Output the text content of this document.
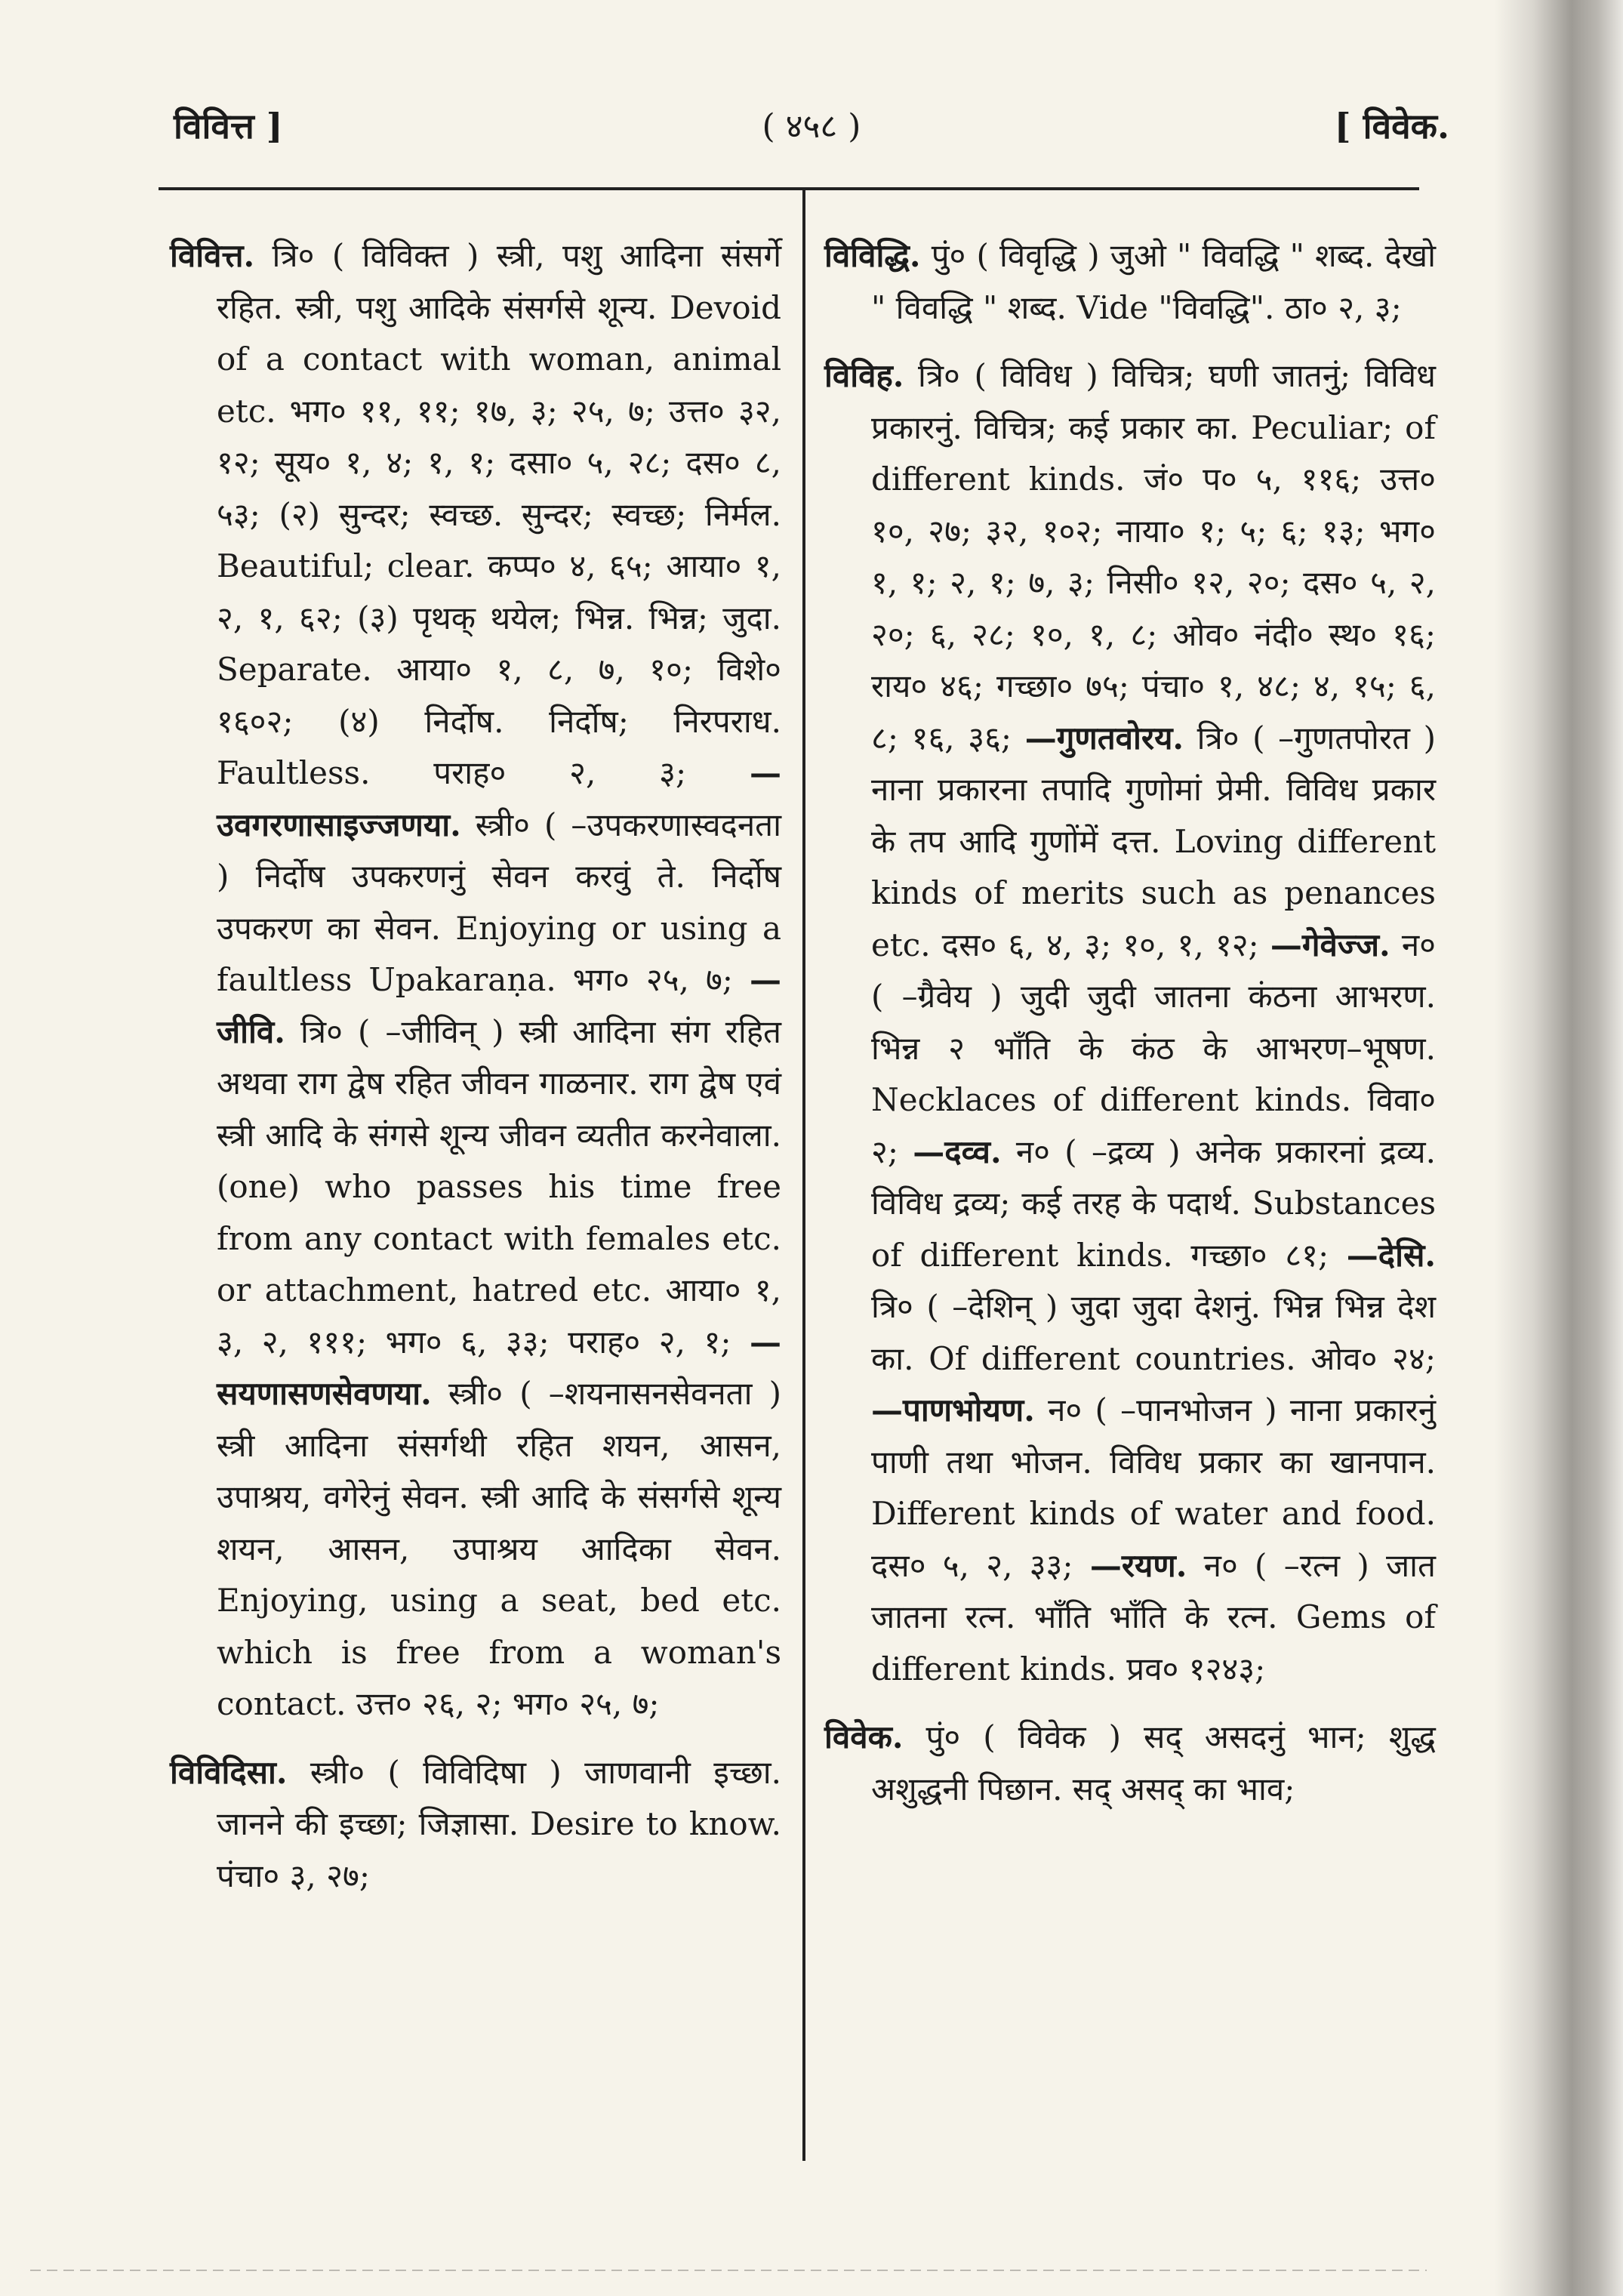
विवित्त ]	( ४५८ )	[ विवेक.

विवित्त. त्रि० ( विविक्त ) स्त्री, पशु आदिना संसर्गे रहित. स्त्री, पशु आदिके संसर्गसे शून्य. Devoid of a contact with woman, animal etc. भग० ११, ११; १७, ३; २५, ७; उत्त० ३२, १२; सूय० १, ४; १, १; दसा० ५, २८; दस० ८, ५३; (२) सुन्दर; स्वच्छ. सुन्दर; स्वच्छ; निर्मल. Beautiful; clear. कप्प० ४, ६५; आया० १, २, १, ६२; (३) पृथक् थयेल; भिन्न. भिन्न; जुदा. Separate. आया० १, ८, ७, १०; विशे० १६०२; (४) निर्दोष. निर्दोष; निरपराध. Faultless. पराह० २, ३; —उवगरणासाइज्जणया. स्त्री० ( –उपकरणास्वदनता ) निर्दोष उपकरणनुं सेवन करवुं ते. निर्दोष उपकरण का सेवन. Enjoying or using a faultless Upakaraṇa. भग० २५, ७; —जीवि. त्रि० ( –जीविन् ) स्त्री आदिना संग रहित अथवा राग द्वेष रहित जीवन गाळनार. राग द्वेष एवं स्त्री आदि के संगसे शून्य जीवन व्यतीत करनेवाला. (one) who passes his time free from any contact with females etc. or attachment, hatred etc. आया० १, ३, २, १११; भग० ६, ३३; पराह० २, १; —सयणासणसेवणया. स्त्री० ( –शयनासनसेवनता ) स्त्री आदिना संसर्गथी रहित शयन, आसन, उपाश्रय, वगेरेनुं सेवन. स्त्री आदि के संसर्गसे शून्य शयन, आसन, उपाश्रय आदिका सेवन. Enjoying, using a seat, bed etc. which is free from a woman's contact. उत्त० २६, २; भग० २५, ७;

विविदिसा. स्त्री० ( विविदिषा ) जाणवानी इच्छा. जानने की इच्छा; जिज्ञासा. Desire to know. पंचा० ३, २७;

विविद्धि. पुं० ( विवृद्धि ) जुओ " विवद्धि " शब्द. देखो " विवद्धि " शब्द. Vide "विवद्धि". ठा० २, ३;

विविह. त्रि० ( विविध ) विचित्र; घणी जातनुं; विविध प्रकारनुं. विचित्र; कई प्रकार का. Peculiar; of different kinds. जं० प० ५, ११६; उत्त० १०, २७; ३२, १०२; नाया० १; ५; ६; १३; भग० १, १; २, १; ७, ३; निसी० १२, २०; दस० ५, २, २०; ६, २८; १०, १, ८; ओव० नंदी० स्थ० १६; राय० ४६; गच्छा० ७५; पंचा० १, ४८; ४, १५; ६, ८; १६, ३६; —गुणतवोरय. त्रि० ( –गुणतपोरत ) नाना प्रकारना तपादि गुणोमां प्रेमी. विविध प्रकार के तप आदि गुणोंमें दत्त. Loving different kinds of merits such as penances etc. दस० ६, ४, ३; १०, १, १२; —गेवेज्ज. न० ( –ग्रैवेय ) जुदी जुदी जातना कंठना आभरण. भिन्न २ भाँति के कंठ के आभरण–भूषण. Necklaces of different kinds. विवा० २; —दव्व. न० ( –द्रव्य ) अनेक प्रकारनां द्रव्य. विविध द्रव्य; कई तरह के पदार्थ. Substances of different kinds. गच्छा० ८१; —देसि. त्रि० ( –देशिन् ) जुदा जुदा देशनुं. भिन्न भिन्न देश का. Of different countries. ओव० २४; —पाणभोयण. न० ( –पानभोजन ) नाना प्रकारनुं पाणी तथा भोजन. विविध प्रकार का खानपान. Different kinds of water and food. दस० ५, २, ३३; —रयण. न० ( –रत्न ) जात जातना रत्न. भाँति भाँति के रत्न. Gems of different kinds. प्रव० १२४३;

विवेक. पुं० ( विवेक ) सद् असदनुं भान; शुद्ध अशुद्धनी पिछान. सद् असद् का भाव;
